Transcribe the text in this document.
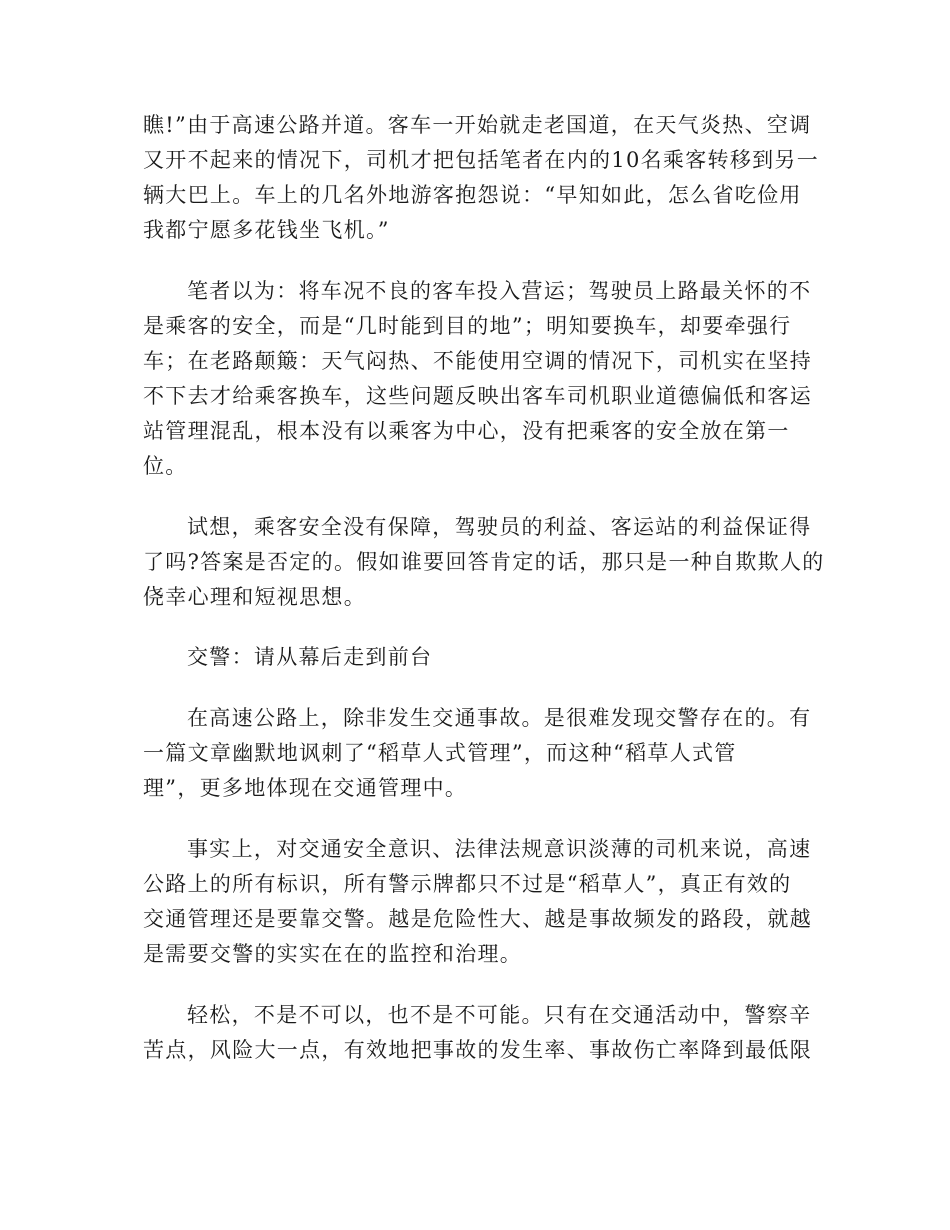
瞧!”由于高速公路并道。客车一开始就走老国道，在天气炎热、空调
又开不起来的情况下，司机才把包括笔者在内的10名乘客转移到另一
辆大巴上。车上的几名外地游客抱怨说：“早知如此，怎么省吃俭用
我都宁愿多花钱坐飞机。”
笔者以为：将车况不良的客车投入营运；驾驶员上路最关怀的不
是乘客的安全，而是“几时能到目的地”；明知要换车，却要牵强行
车；在老路颠簸：天气闷热、不能使用空调的情况下，司机实在坚持
不下去才给乘客换车，这些问题反映出客车司机职业道德偏低和客运
站管理混乱，根本没有以乘客为中心，没有把乘客的安全放在第一
位。
试想，乘客安全没有保障，驾驶员的利益、客运站的利益保证得
了吗?答案是否定的。假如谁要回答肯定的话，那只是一种自欺欺人的
侥幸心理和短视思想。
交警：请从幕后走到前台
在高速公路上，除非发生交通事故。是很难发现交警存在的。有
一篇文章幽默地讽刺了“稻草人式管理”，而这种“稻草人式管
理”，更多地体现在交通管理中。
事实上，对交通安全意识、法律法规意识淡薄的司机来说，高速
公路上的所有标识，所有警示牌都只不过是“稻草人”，真正有效的
交通管理还是要靠交警。越是危险性大、越是事故频发的路段，就越
是需要交警的实实在在的监控和治理。
轻松，不是不可以，也不是不可能。只有在交通活动中，警察辛
苦点，风险大一点，有效地把事故的发生率、事故伤亡率降到最低限
